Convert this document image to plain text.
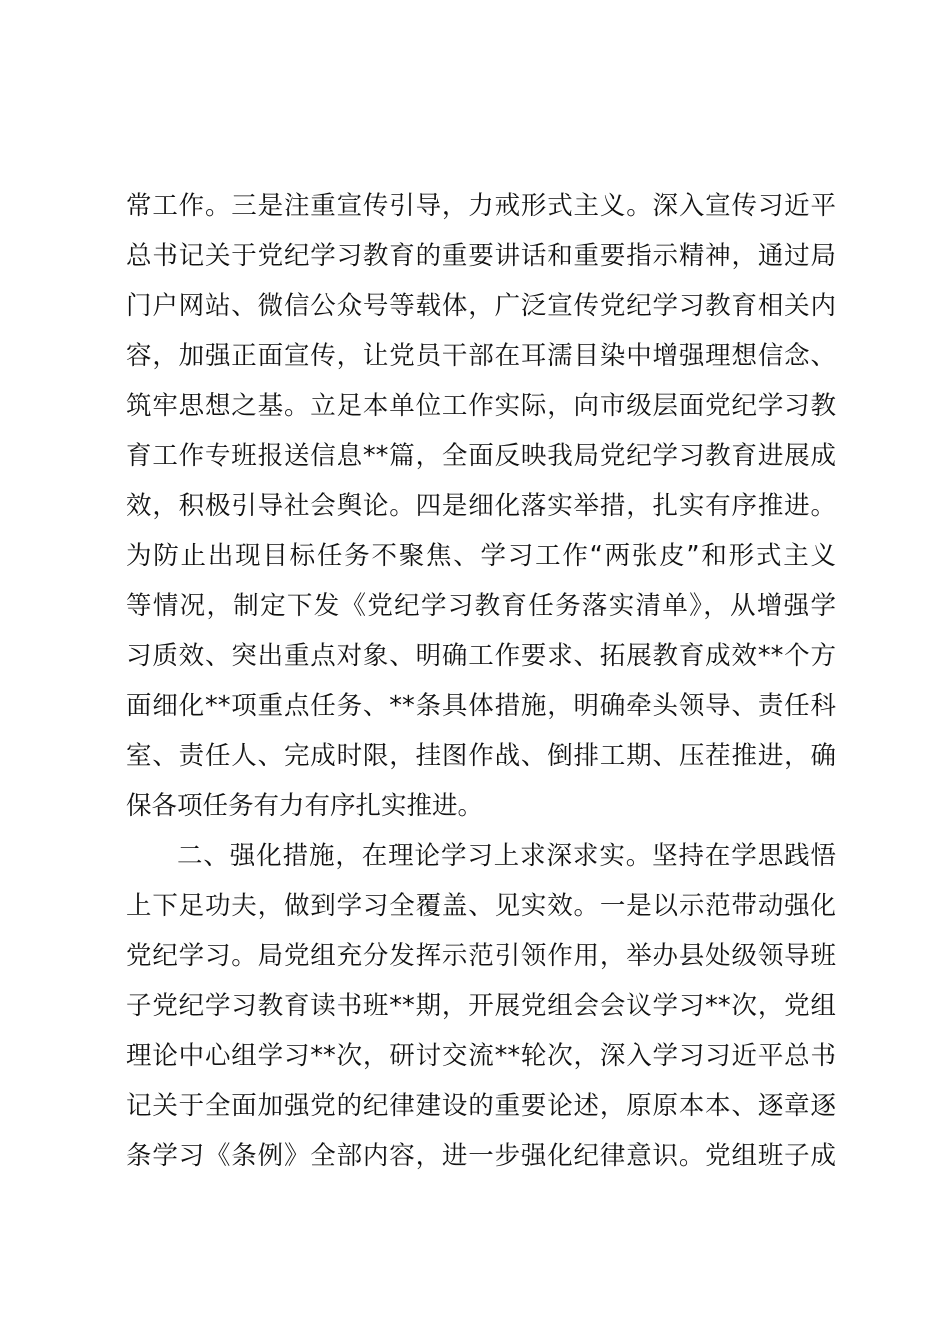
常工作。三是注重宣传引导，力戒形式主义。深入宣传习近平
总书记关于党纪学习教育的重要讲话和重要指示精神，通过局
门户网站、微信公众号等载体，广泛宣传党纪学习教育相关内
容，加强正面宣传，让党员干部在耳濡目染中增强理想信念、
筑牢思想之基。立足本单位工作实际，向市级层面党纪学习教
育工作专班报送信息**篇，全面反映我局党纪学习教育进展成
效，积极引导社会舆论。四是细化落实举措，扎实有序推进。
为防止出现目标任务不聚焦、学习工作“两张皮”和形式主义
等情况，制定下发《党纪学习教育任务落实清单》，从增强学
习质效、突出重点对象、明确工作要求、拓展教育成效**个方
面细化**项重点任务、**条具体措施，明确牵头领导、责任科
室、责任人、完成时限，挂图作战、倒排工期、压茬推进，确
保各项任务有力有序扎实推进。
二、强化措施，在理论学习上求深求实。坚持在学思践悟
上下足功夫，做到学习全覆盖、见实效。一是以示范带动强化
党纪学习。局党组充分发挥示范引领作用，举办县处级领导班
子党纪学习教育读书班**期，开展党组会会议学习**次，党组
理论中心组学习**次，研讨交流**轮次，深入学习习近平总书
记关于全面加强党的纪律建设的重要论述，原原本本、逐章逐
条学习《条例》全部内容，进一步强化纪律意识。党组班子成
